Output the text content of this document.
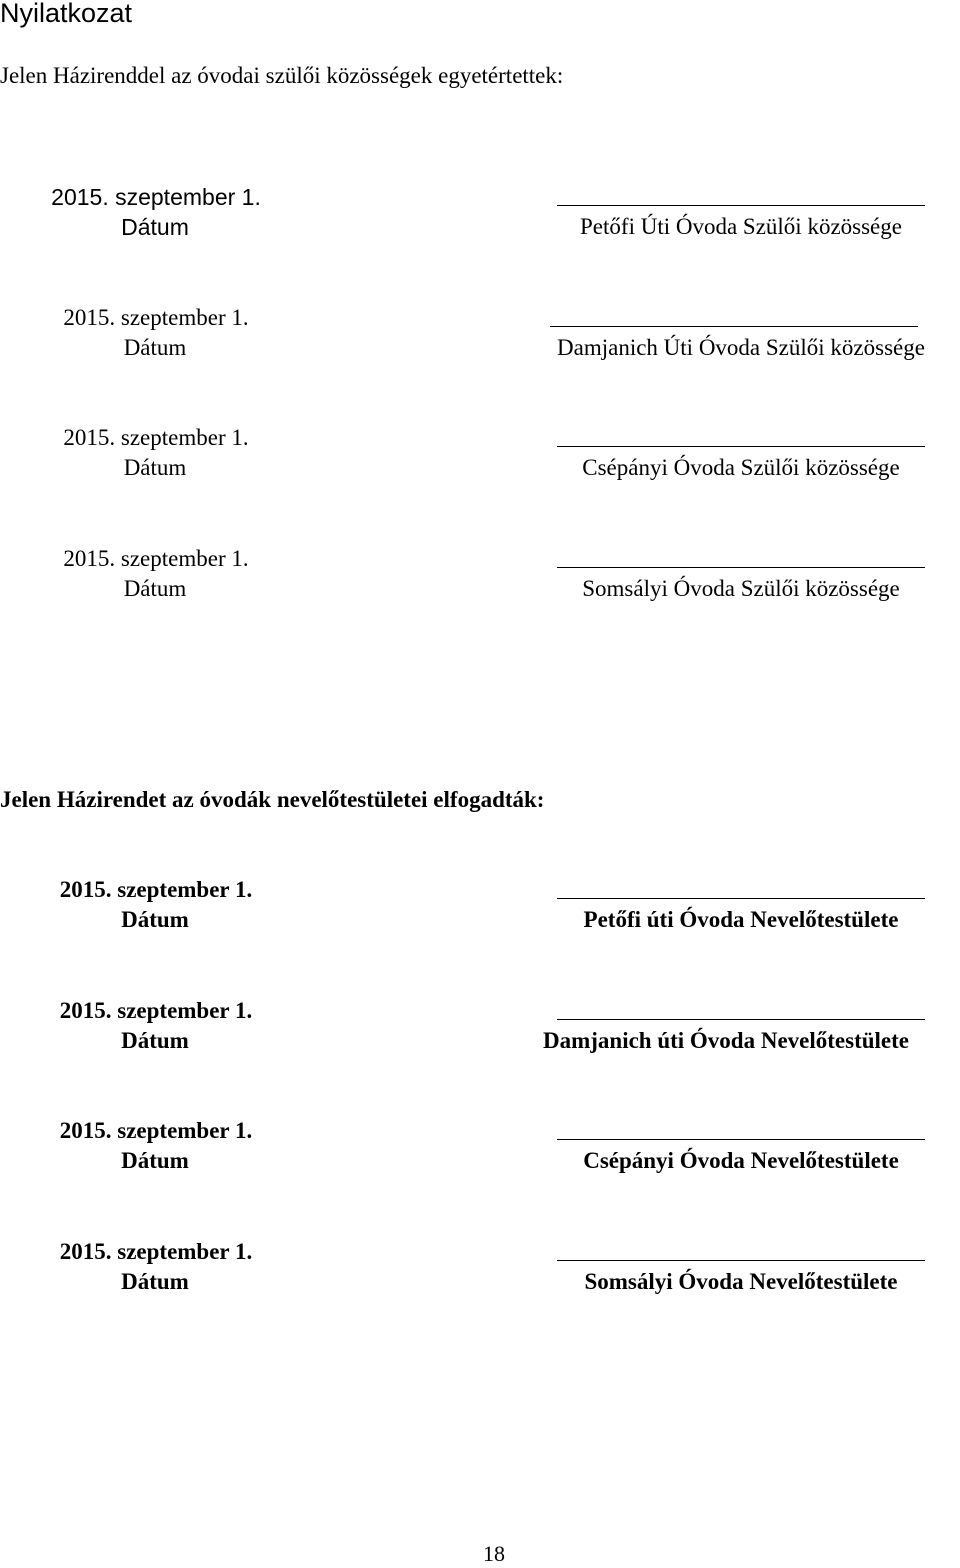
Nyilatkozat
Jelen Házirenddel az óvodai szülői közösségek egyetértettek:
2015. szeptember 1.
Dátum	Petőfi Úti Óvoda Szülői közössége
2015. szeptember 1.
Dátum	Damjanich Úti Óvoda Szülői közössége
2015. szeptember 1.
Dátum	Csépányi Óvoda Szülői közössége
2015. szeptember 1.
Dátum	Somsályi Óvoda Szülői közössége
Jelen Házirendet az óvodák nevelőtestületei elfogadták:
2015. szeptember 1.
Dátum	Petőfi úti Óvoda Nevelőtestülete
2015. szeptember 1.
Dátum	Damjanich úti Óvoda Nevelőtestülete
2015. szeptember 1.
Dátum	Csépányi Óvoda Nevelőtestülete
2015. szeptember 1.
Dátum	Somsályi Óvoda Nevelőtestülete
18
